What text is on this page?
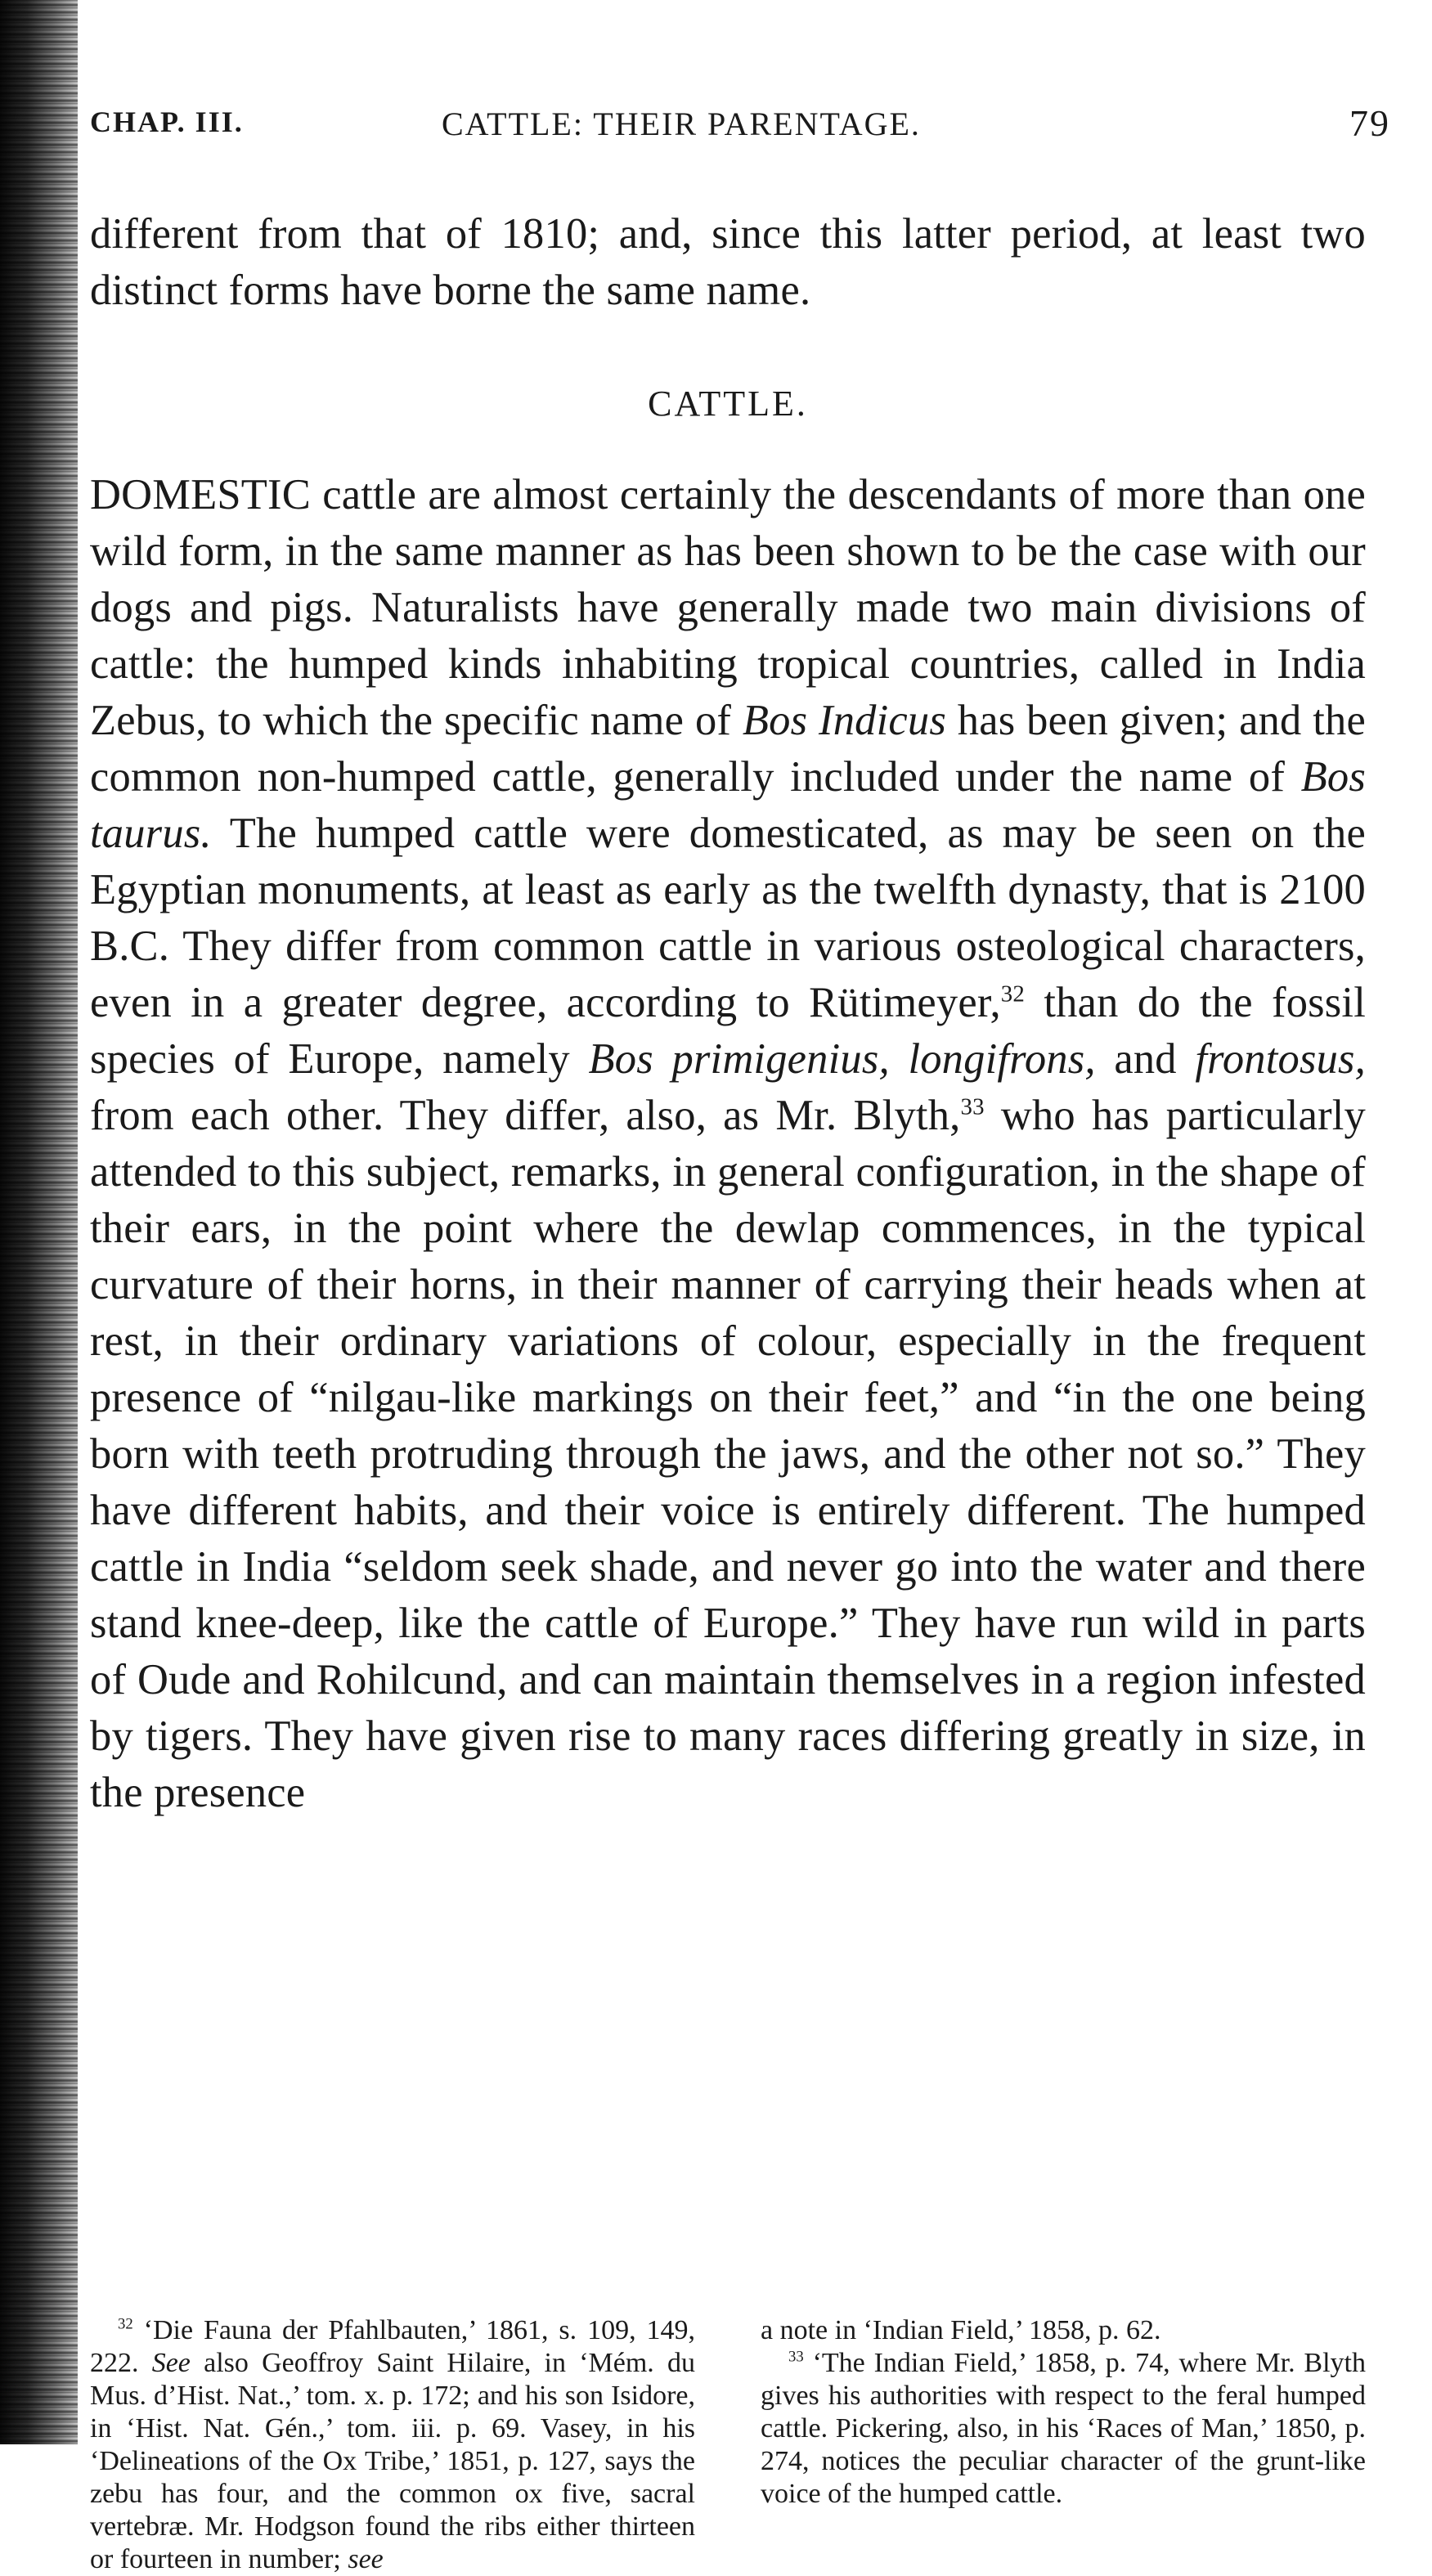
CHAP. III.	CATTLE: THEIR PARENTAGE.	79

different from that of 1810; and, since this latter period, at least two distinct forms have borne the same name.

CATTLE.

DOMESTIC cattle are almost certainly the descendants of more than one wild form, in the same manner as has been shown to be the case with our dogs and pigs. Naturalists have generally made two main divisions of cattle: the humped kinds inhabiting tropical countries, called in India Zebus, to which the specific name of Bos Indicus has been given; and the common non-humped cattle, generally included under the name of Bos taurus. The humped cattle were domesticated, as may be seen on the Egyptian monuments, at least as early as the twelfth dynasty, that is 2100 B.C. They differ from common cattle in various osteological characters, even in a greater degree, according to Rütimeyer,$^{32}$ than do the fossil species of Europe, namely Bos primigenius, longifrons, and frontosus, from each other. They differ, also, as Mr. Blyth,$^{33}$ who has particularly attended to this subject, remarks, in general configuration, in the shape of their ears, in the point where the dewlap commences, in the typical curvature of their horns, in their manner of carrying their heads when at rest, in their ordinary variations of colour, especially in the frequent presence of “nilgau-like markings on their feet,” and “in the one being born with teeth protruding through the jaws, and the other not so.” They have different habits, and their voice is entirely different. The humped cattle in India “seldom seek shade, and never go into the water and there stand knee-deep, like the cattle of Europe.” They have run wild in parts of Oude and Rohilcund, and can maintain themselves in a region infested by tigers. They have given rise to many races differing greatly in size, in the presence

$^{32}$ ‘Die Fauna der Pfahlbauten,’ 1861, s. 109, 149, 222. See also Geoffroy Saint Hilaire, in ‘Mém. du Mus. d’Hist. Nat.,’ tom. x. p. 172; and his son Isidore, in ‘Hist. Nat. Gén.,’ tom. iii. p. 69. Vasey, in his ‘Delineations of the Ox Tribe,’ 1851, p. 127, says the zebu has four, and the common ox five, sacral vertebræ. Mr. Hodgson found the ribs either thirteen or fourteen in number; see

a note in ‘Indian Field,’ 1858, p. 62.

$^{33}$ ‘The Indian Field,’ 1858, p. 74, where Mr. Blyth gives his authorities with respect to the feral humped cattle. Pickering, also, in his ‘Races of Man,’ 1850, p. 274, notices the peculiar character of the grunt-like voice of the humped cattle.
